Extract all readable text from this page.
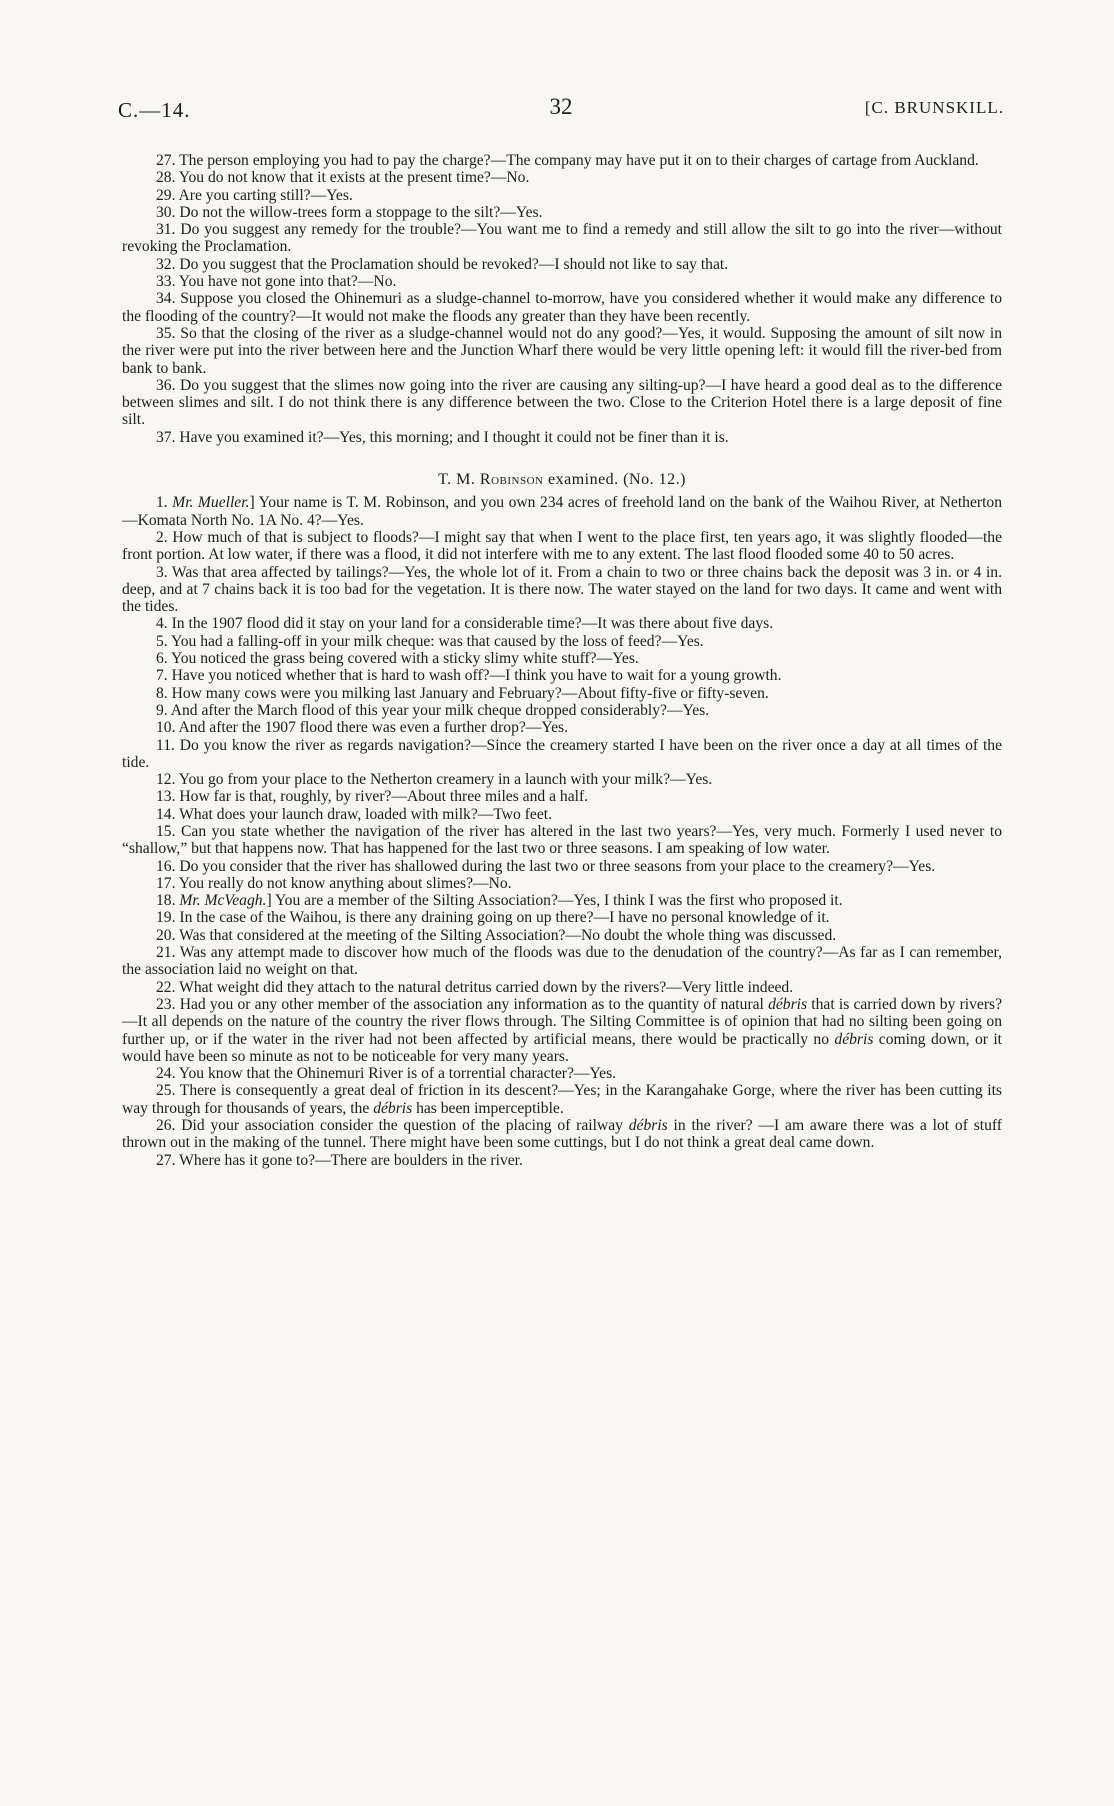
C.—14.	32	[C. BRUNSKILL.

27. The person employing you had to pay the charge?—The company may have put it on to their charges of cartage from Auckland.

28. You do not know that it exists at the present time?—No.

29. Are you carting still?—Yes.

30. Do not the willow-trees form a stoppage to the silt?—Yes.

31. Do you suggest any remedy for the trouble?—You want me to find a remedy and still allow the silt to go into the river—without revoking the Proclamation.

32. Do you suggest that the Proclamation should be revoked?—I should not like to say that.

33. You have not gone into that?—No.

34. Suppose you closed the Ohinemuri as a sludge-channel to-morrow, have you considered whether it would make any difference to the flooding of the country?—It would not make the floods any greater than they have been recently.

35. So that the closing of the river as a sludge-channel would not do any good?—Yes, it would. Supposing the amount of silt now in the river were put into the river between here and the Junction Wharf there would be very little opening left: it would fill the river-bed from bank to bank.

36. Do you suggest that the slimes now going into the river are causing any silting-up?—I have heard a good deal as to the difference between slimes and silt. I do not think there is any difference between the two. Close to the Criterion Hotel there is a large deposit of fine silt.

37. Have you examined it?—Yes, this morning; and I thought it could not be finer than it is.

T. M. Robinson examined. (No. 12.)

1. Mr. Mueller.] Your name is T. M. Robinson, and you own 234 acres of freehold land on the bank of the Waihou River, at Netherton—Komata North No. 1A No. 4?—Yes.

2. How much of that is subject to floods?—I might say that when I went to the place first, ten years ago, it was slightly flooded—the front portion. At low water, if there was a flood, it did not interfere with me to any extent. The last flood flooded some 40 to 50 acres.

3. Was that area affected by tailings?—Yes, the whole lot of it. From a chain to two or three chains back the deposit was 3 in. or 4 in. deep, and at 7 chains back it is too bad for the vegetation. It is there now. The water stayed on the land for two days. It came and went with the tides.

4. In the 1907 flood did it stay on your land for a considerable time?—It was there about five days.

5. You had a falling-off in your milk cheque: was that caused by the loss of feed?—Yes.

6. You noticed the grass being covered with a sticky slimy white stuff?—Yes.

7. Have you noticed whether that is hard to wash off?—I think you have to wait for a young growth.

8. How many cows were you milking last January and February?—About fifty-five or fifty-seven.

9. And after the March flood of this year your milk cheque dropped considerably?—Yes.

10. And after the 1907 flood there was even a further drop?—Yes.

11. Do you know the river as regards navigation?—Since the creamery started I have been on the river once a day at all times of the tide.

12. You go from your place to the Netherton creamery in a launch with your milk?—Yes.

13. How far is that, roughly, by river?—About three miles and a half.

14. What does your launch draw, loaded with milk?—Two feet.

15. Can you state whether the navigation of the river has altered in the last two years?—Yes, very much. Formerly I used never to “shallow,” but that happens now. That has happened for the last two or three seasons. I am speaking of low water.

16. Do you consider that the river has shallowed during the last two or three seasons from your place to the creamery?—Yes.

17. You really do not know anything about slimes?—No.

18. Mr. McVeagh.] You are a member of the Silting Association?—Yes, I think I was the first who proposed it.

19. In the case of the Waihou, is there any draining going on up there?—I have no personal knowledge of it.

20. Was that considered at the meeting of the Silting Association?—No doubt the whole thing was discussed.

21. Was any attempt made to discover how much of the floods was due to the denudation of the country?—As far as I can remember, the association laid no weight on that.

22. What weight did they attach to the natural detritus carried down by the rivers?—Very little indeed.

23. Had you or any other member of the association any information as to the quantity of natural débris that is carried down by rivers?—It all depends on the nature of the country the river flows through. The Silting Committee is of opinion that had no silting been going on further up, or if the water in the river had not been affected by artificial means, there would be practically no débris coming down, or it would have been so minute as not to be noticeable for very many years.

24. You know that the Ohinemuri River is of a torrential character?—Yes.

25. There is consequently a great deal of friction in its descent?—Yes; in the Karangahake Gorge, where the river has been cutting its way through for thousands of years, the débris has been imperceptible.

26. Did your association consider the question of the placing of railway débris in the river? —I am aware there was a lot of stuff thrown out in the making of the tunnel. There might have been some cuttings, but I do not think a great deal came down.

27. Where has it gone to?—There are boulders in the river.
